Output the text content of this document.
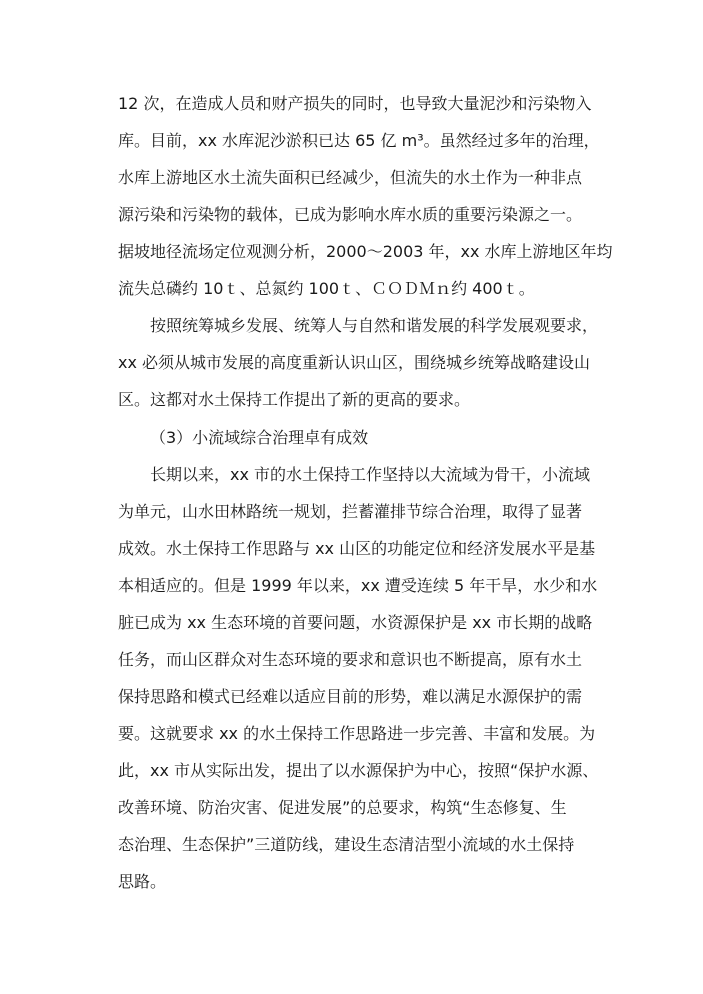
12 次，在造成人员和财产损失的同时，也导致大量泥沙和污染物入
库。目前，xx 水库泥沙淤积已达 65 亿 m³。虽然经过多年的治理，
水库上游地区水土流失面积已经减少，但流失的水土作为一种非点
源污染和污染物的载体，已成为影响水库水质的重要污染源之一。
据坡地径流场定位观测分析，2000～2003 年，xx 水库上游地区年均
流失总磷约 10ｔ、总氮约 100ｔ、ＣＯＤＭｎ约 400ｔ。
按照统筹城乡发展、统筹人与自然和谐发展的科学发展观要求，
xx 必须从城市发展的高度重新认识山区，围绕城乡统筹战略建设山
区。这都对水土保持工作提出了新的更高的要求。
（3）小流域综合治理卓有成效
长期以来，xx 市的水土保持工作坚持以大流域为骨干，小流域
为单元，山水田林路统一规划，拦蓄灌排节综合治理，取得了显著
成效。水土保持工作思路与 xx 山区的功能定位和经济发展水平是基
本相适应的。但是 1999 年以来，xx 遭受连续 5 年干旱，水少和水
脏已成为 xx 生态环境的首要问题，水资源保护是 xx 市长期的战略
任务，而山区群众对生态环境的要求和意识也不断提高，原有水土
保持思路和模式已经难以适应目前的形势，难以满足水源保护的需
要。这就要求 xx 的水土保持工作思路进一步完善、丰富和发展。为
此，xx 市从实际出发，提出了以水源保护为中心，按照“保护水源、
改善环境、防治灾害、促进发展”的总要求，构筑“生态修复、生
态治理、生态保护”三道防线，建设生态清洁型小流域的水土保持
思路。
